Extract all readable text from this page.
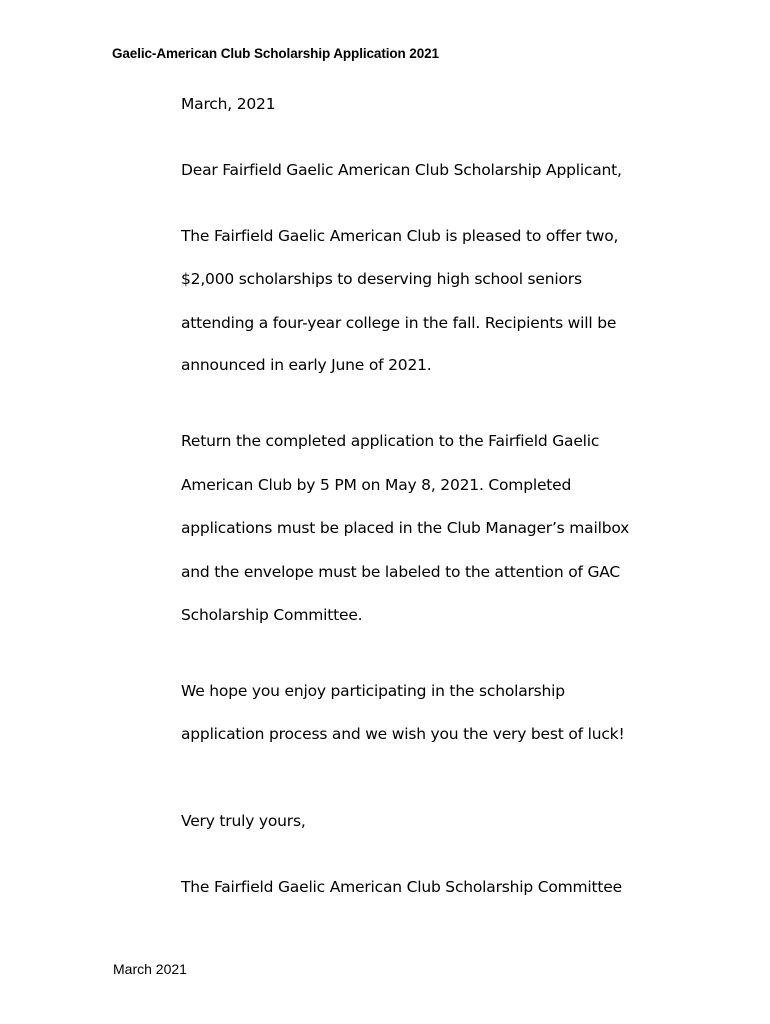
Gaelic-American Club Scholarship Application 2021
March, 2021
Dear Fairfield Gaelic American Club Scholarship Applicant,
The Fairfield Gaelic American Club is pleased to offer two,
$2,000 scholarships to deserving high school seniors
attending a four-year college in the fall. Recipients will be
announced in early June of 2021.
Return the completed application to the Fairfield Gaelic
American Club by 5 PM on May 8, 2021. Completed
applications must be placed in the Club Manager’s mailbox
and the envelope must be labeled to the attention of GAC
Scholarship Committee.
We hope you enjoy participating in the scholarship
application process and we wish you the very best of luck!
Very truly yours,
The Fairfield Gaelic American Club Scholarship Committee
March 2021
